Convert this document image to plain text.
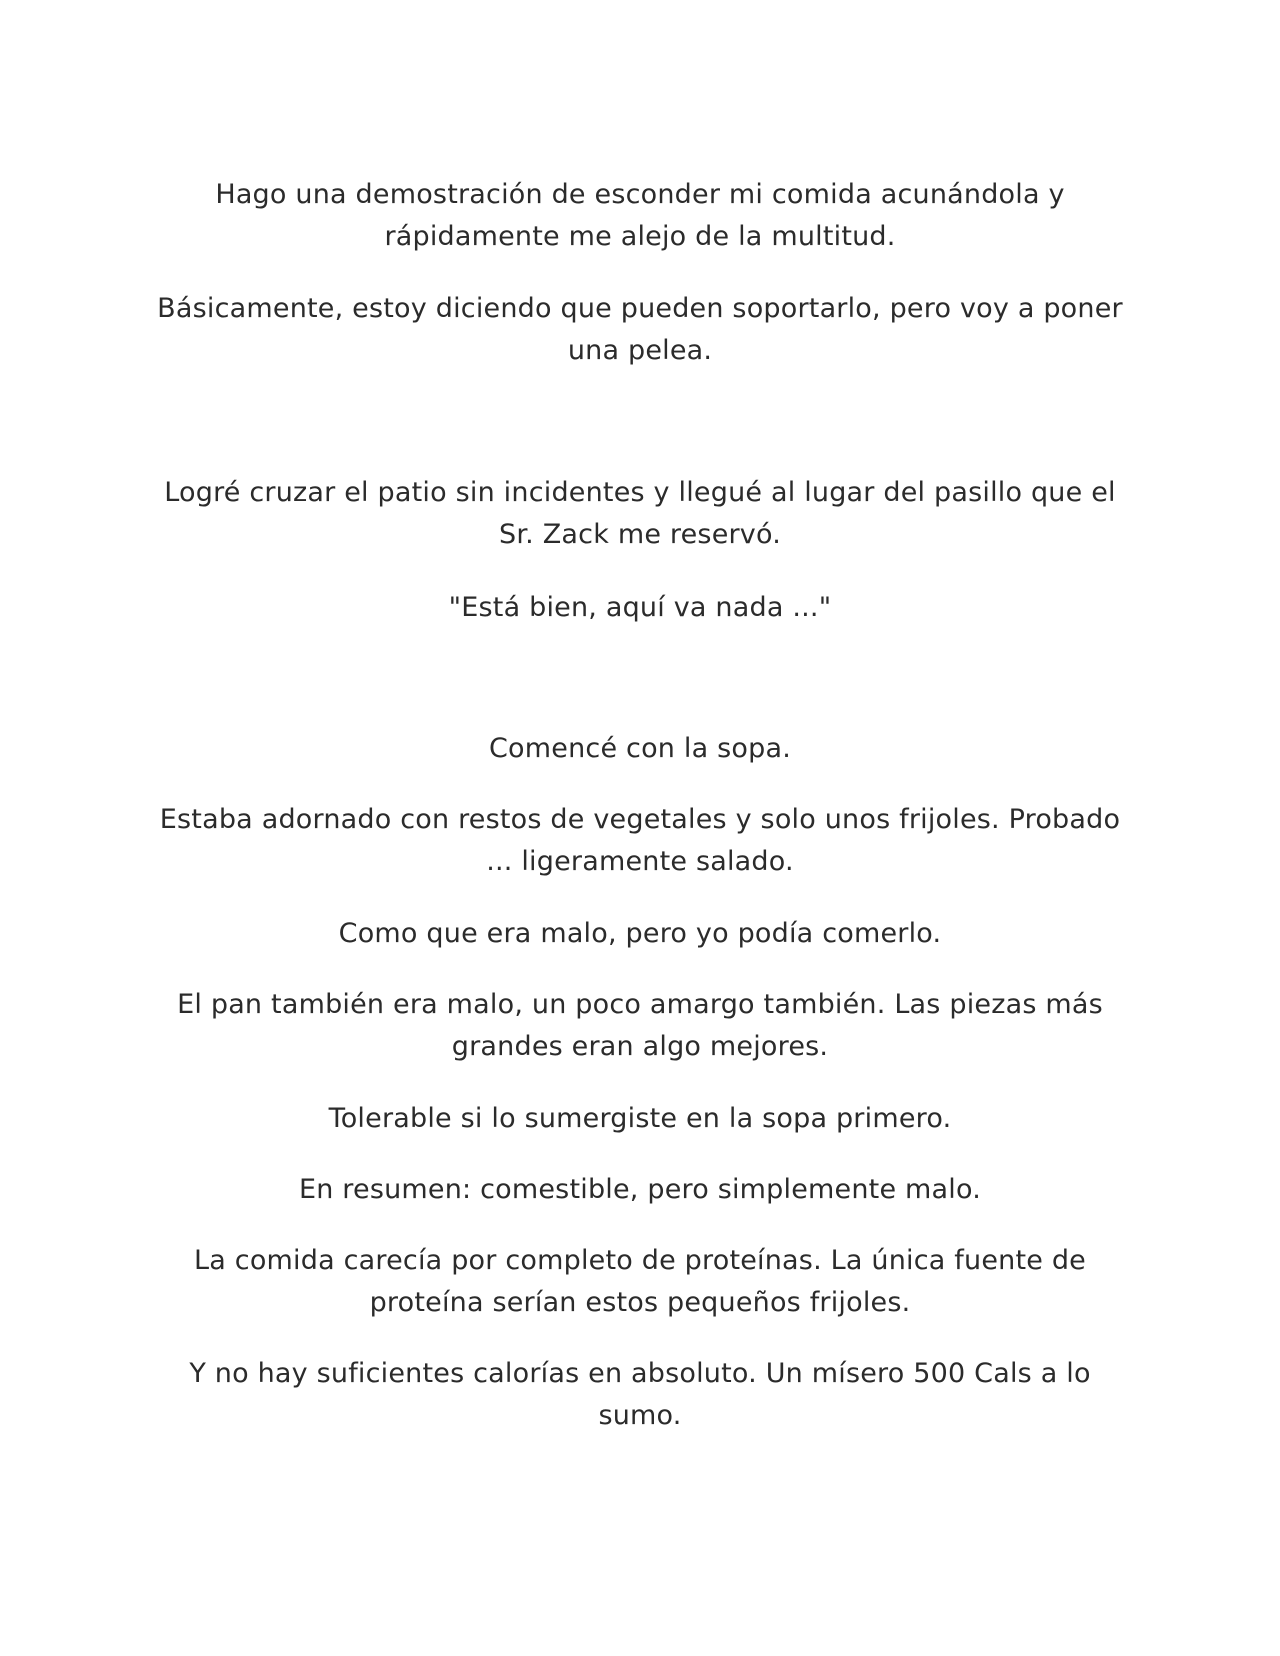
Hago una demostración de esconder mi comida acunándola y rápidamente me alejo de la multitud.

Básicamente, estoy diciendo que pueden soportarlo, pero voy a poner una pelea.

Logré cruzar el patio sin incidentes y llegué al lugar del pasillo que el Sr. Zack me reservó.

"Está bien, aquí va nada ..."

Comencé con la sopa.

Estaba adornado con restos de vegetales y solo unos frijoles. Probado ... ligeramente salado.

Como que era malo, pero yo podía comerlo.

El pan también era malo, un poco amargo también. Las piezas más grandes eran algo mejores.

Tolerable si lo sumergiste en la sopa primero.

En resumen: comestible, pero simplemente malo.

La comida carecía por completo de proteínas. La única fuente de proteína serían estos pequeños frijoles.

Y no hay suficientes calorías en absoluto. Un mísero 500 Cals a lo sumo.
